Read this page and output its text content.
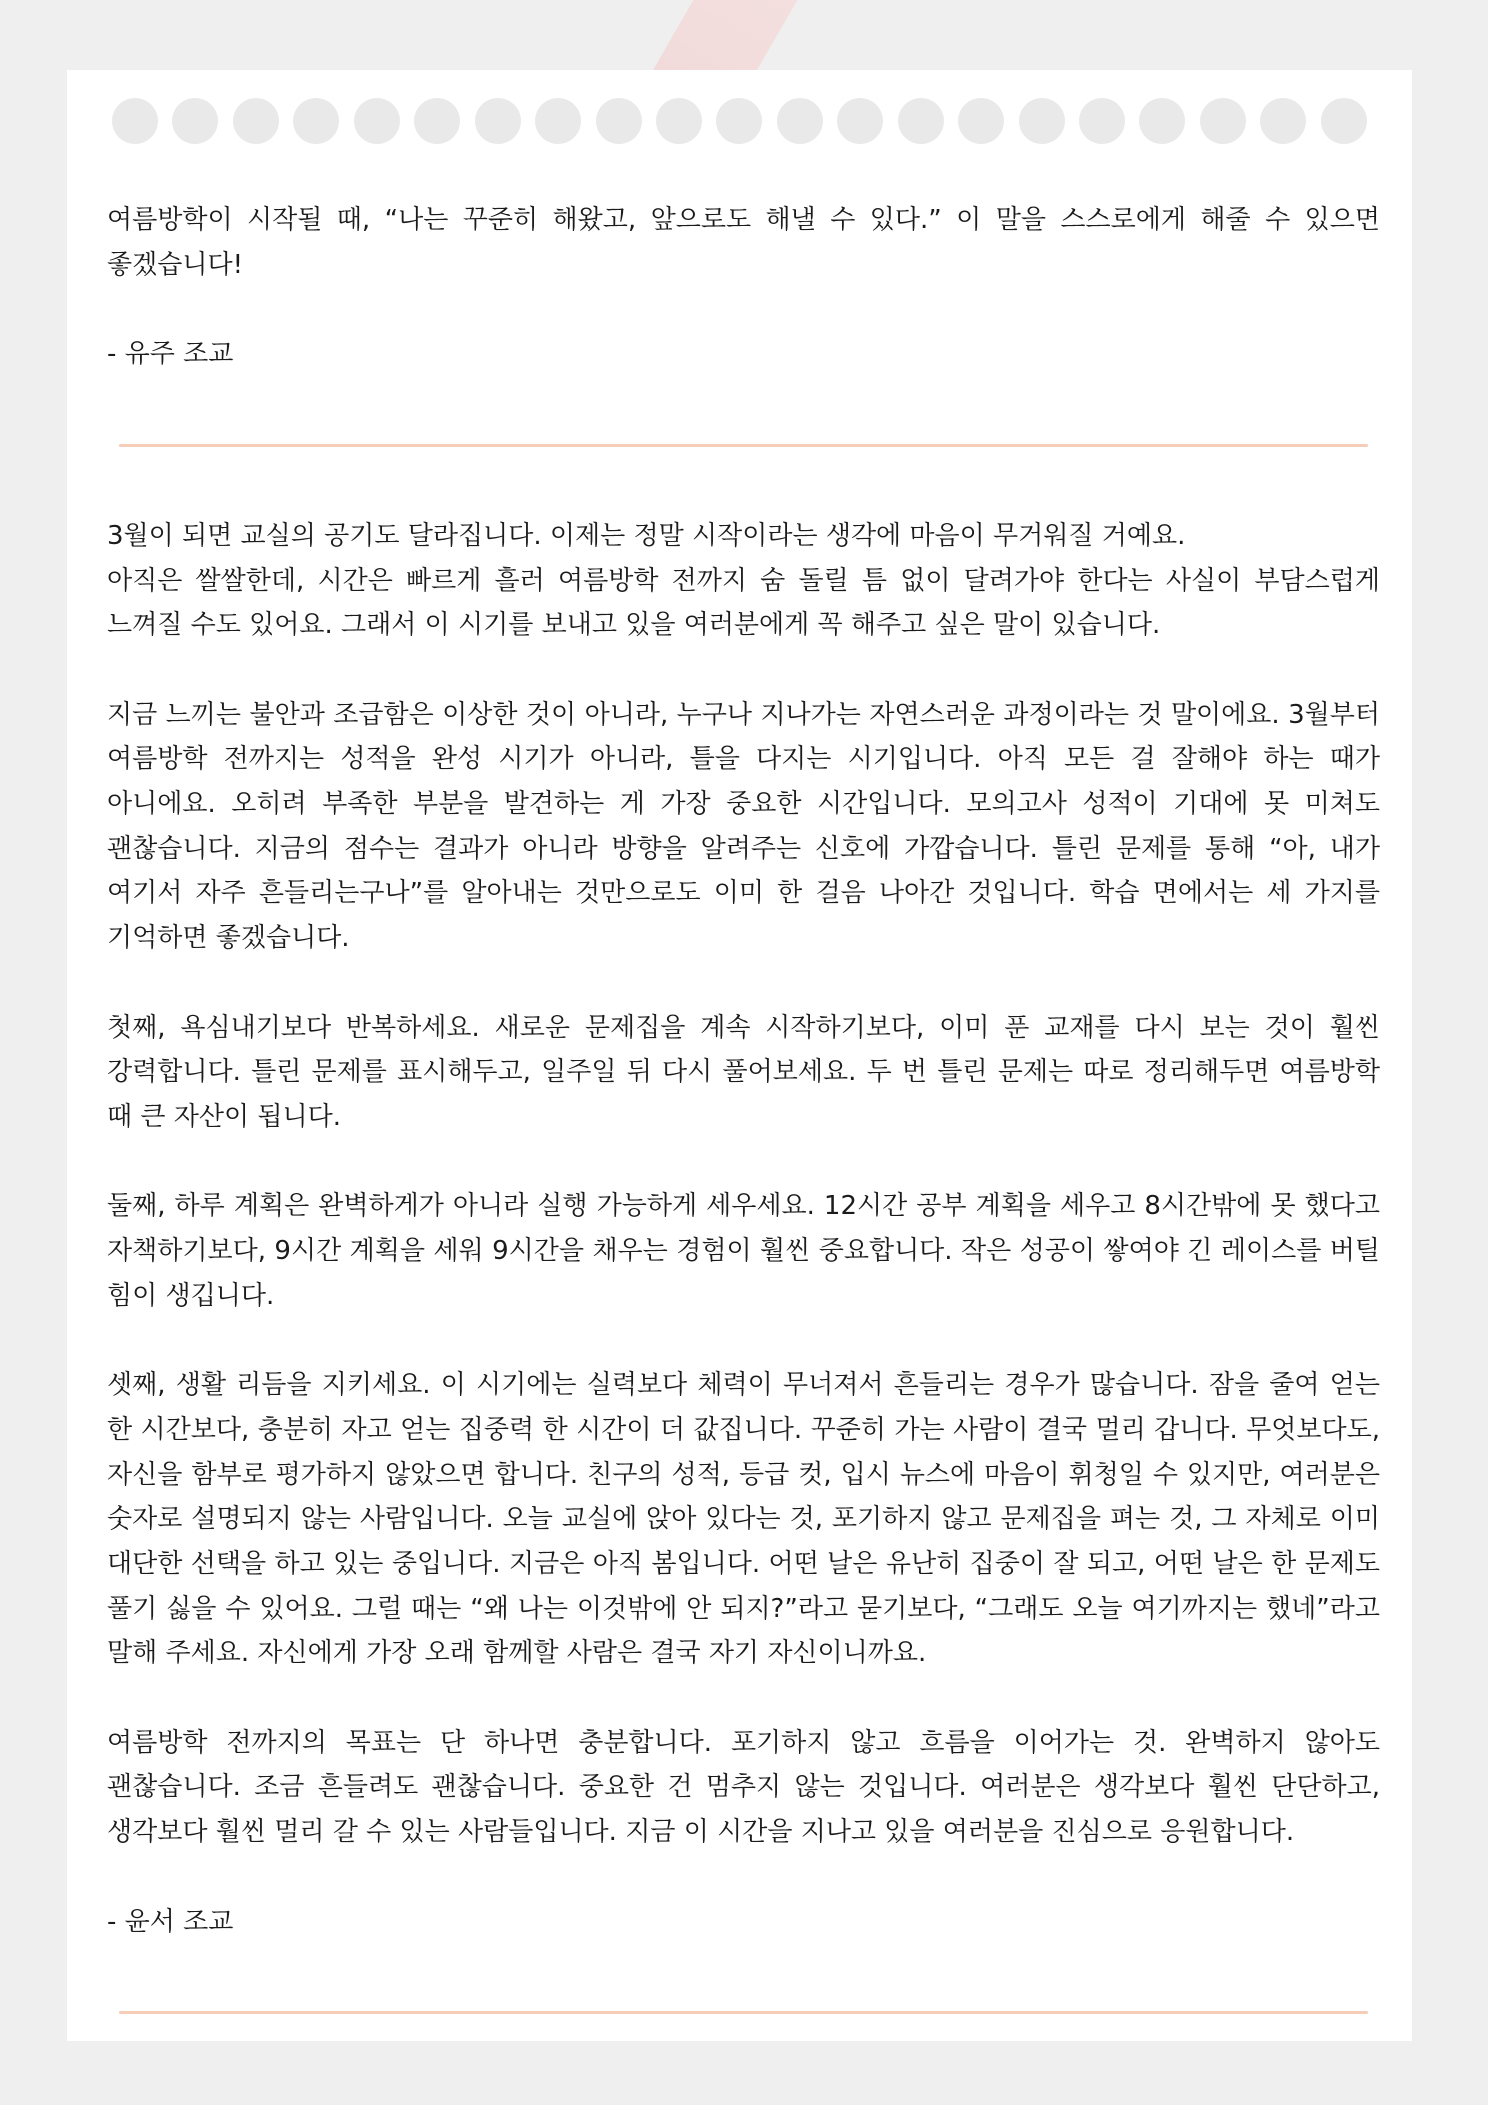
여름방학이 시작될 때, “나는 꾸준히 해왔고, 앞으로도 해낼 수 있다.” 이 말을 스스로에게 해줄 수 있으면 좋겠습니다!

- 유주 조교

3월이 되면 교실의 공기도 달라집니다. 이제는 정말 시작이라는 생각에 마음이 무거워질 거예요.

아직은 쌀쌀한데, 시간은 빠르게 흘러 여름방학 전까지 숨 돌릴 틈 없이 달려가야 한다는 사실이 부담스럽게 느껴질 수도 있어요. 그래서 이 시기를 보내고 있을 여러분에게 꼭 해주고 싶은 말이 있습니다.

지금 느끼는 불안과 조급함은 이상한 것이 아니라, 누구나 지나가는 자연스러운 과정이라는 것 말이에요. 3월부터 여름방학 전까지는 성적을 완성 시기가 아니라, 틀을 다지는 시기입니다. 아직 모든 걸 잘해야 하는 때가 아니에요. 오히려 부족한 부분을 발견하는 게 가장 중요한 시간입니다. 모의고사 성적이 기대에 못 미쳐도 괜찮습니다. 지금의 점수는 결과가 아니라 방향을 알려주는 신호에 가깝습니다. 틀린 문제를 통해 “아, 내가 여기서 자주 흔들리는구나”를 알아내는 것만으로도 이미 한 걸음 나아간 것입니다. 학습 면에서는 세 가지를 기억하면 좋겠습니다.

첫째, 욕심내기보다 반복하세요. 새로운 문제집을 계속 시작하기보다, 이미 푼 교재를 다시 보는 것이 훨씬 강력합니다. 틀린 문제를 표시해두고, 일주일 뒤 다시 풀어보세요. 두 번 틀린 문제는 따로 정리해두면 여름방학 때 큰 자산이 됩니다.

둘째, 하루 계획은 완벽하게가 아니라 실행 가능하게 세우세요. 12시간 공부 계획을 세우고 8시간밖에 못 했다고 자책하기보다, 9시간 계획을 세워 9시간을 채우는 경험이 훨씬 중요합니다. 작은 성공이 쌓여야 긴 레이스를 버틸 힘이 생깁니다.

셋째, 생활 리듬을 지키세요. 이 시기에는 실력보다 체력이 무너져서 흔들리는 경우가 많습니다. 잠을 줄여 얻는 한 시간보다, 충분히 자고 얻는 집중력 한 시간이 더 값집니다. 꾸준히 가는 사람이 결국 멀리 갑니다. 무엇보다도, 자신을 함부로 평가하지 않았으면 합니다. 친구의 성적, 등급 컷, 입시 뉴스에 마음이 휘청일 수 있지만, 여러분은 숫자로 설명되지 않는 사람입니다. 오늘 교실에 앉아 있다는 것, 포기하지 않고 문제집을 펴는 것, 그 자체로 이미 대단한 선택을 하고 있는 중입니다. 지금은 아직 봄입니다. 어떤 날은 유난히 집중이 잘 되고, 어떤 날은 한 문제도 풀기 싫을 수 있어요. 그럴 때는 “왜 나는 이것밖에 안 되지?”라고 묻기보다, “그래도 오늘 여기까지는 했네”라고 말해 주세요. 자신에게 가장 오래 함께할 사람은 결국 자기 자신이니까요.

여름방학 전까지의 목표는 단 하나면 충분합니다. 포기하지 않고 흐름을 이어가는 것. 완벽하지 않아도 괜찮습니다. 조금 흔들려도 괜찮습니다. 중요한 건 멈추지 않는 것입니다. 여러분은 생각보다 훨씬 단단하고, 생각보다 훨씬 멀리 갈 수 있는 사람들입니다. 지금 이 시간을 지나고 있을 여러분을 진심으로 응원합니다.

- 윤서 조교
